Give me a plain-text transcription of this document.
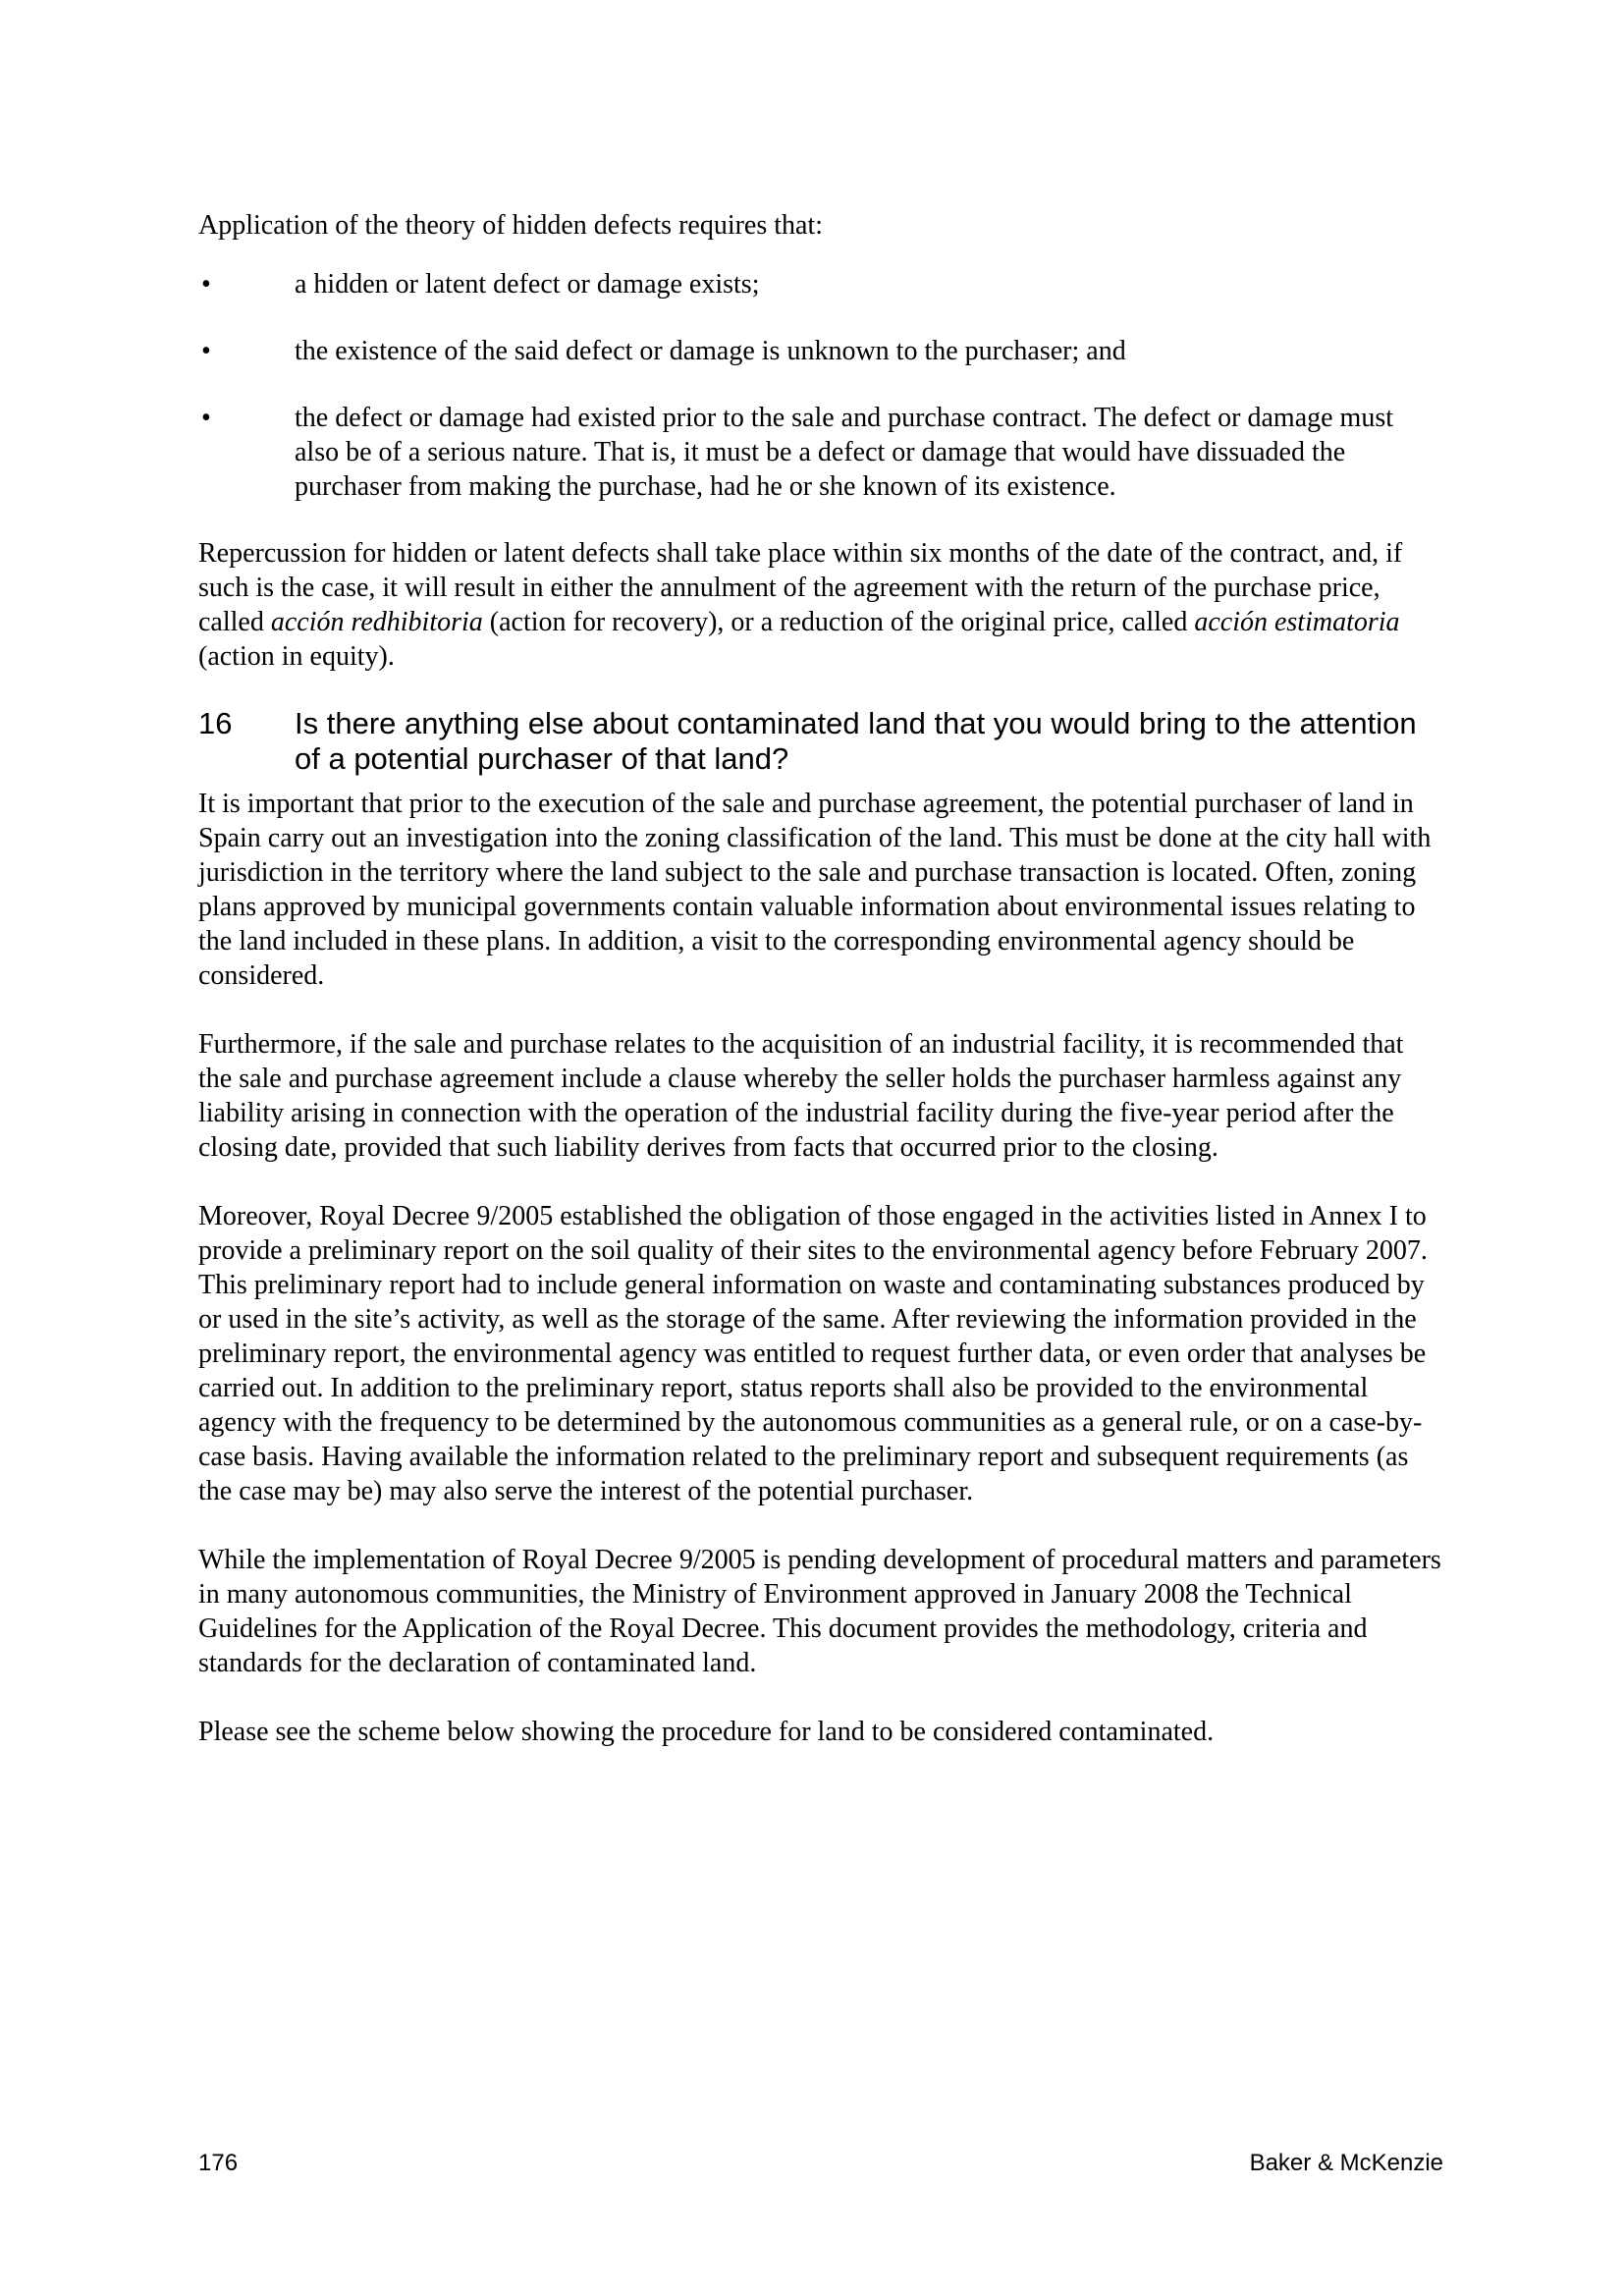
Application of the theory of hidden defects requires that:

•	a hidden or latent defect or damage exists;
•	the existence of the said defect or damage is unknown to the purchaser; and
•	the defect or damage had existed prior to the sale and purchase contract. The defect or damage must also be of a serious nature. That is, it must be a defect or damage that would have dissuaded the purchaser from making the purchase, had he or she known of its existence.

Repercussion for hidden or latent defects shall take place within six months of the date of the contract, and, if such is the case, it will result in either the annulment of the agreement with the return of the purchase price, called acción redhibitoria (action for recovery), or a reduction of the original price, called acción estimatoria (action in equity).

16	Is there anything else about contaminated land that you would bring to the attention of a potential purchaser of that land?

It is important that prior to the execution of the sale and purchase agreement, the potential purchaser of land in Spain carry out an investigation into the zoning classification of the land. This must be done at the city hall with jurisdiction in the territory where the land subject to the sale and purchase transaction is located. Often, zoning plans approved by municipal governments contain valuable information about environmental issues relating to the land included in these plans. In addition, a visit to the corresponding environmental agency should be considered.

Furthermore, if the sale and purchase relates to the acquisition of an industrial facility, it is recommended that the sale and purchase agreement include a clause whereby the seller holds the purchaser harmless against any liability arising in connection with the operation of the industrial facility during the five-year period after the closing date, provided that such liability derives from facts that occurred prior to the closing.

Moreover, Royal Decree 9/2005 established the obligation of those engaged in the activities listed in Annex I to provide a preliminary report on the soil quality of their sites to the environmental agency before February 2007. This preliminary report had to include general information on waste and contaminating substances produced by or used in the site’s activity, as well as the storage of the same. After reviewing the information provided in the preliminary report, the environmental agency was entitled to request further data, or even order that analyses be carried out. In addition to the preliminary report, status reports shall also be provided to the environmental agency with the frequency to be determined by the autonomous communities as a general rule, or on a case-by-case basis. Having available the information related to the preliminary report and subsequent requirements (as the case may be) may also serve the interest of the potential purchaser.

While the implementation of Royal Decree 9/2005 is pending development of procedural matters and parameters in many autonomous communities, the Ministry of Environment approved in January 2008 the Technical Guidelines for the Application of the Royal Decree. This document provides the methodology, criteria and standards for the declaration of contaminated land.

Please see the scheme below showing the procedure for land to be considered contaminated.

176	Baker & McKenzie
